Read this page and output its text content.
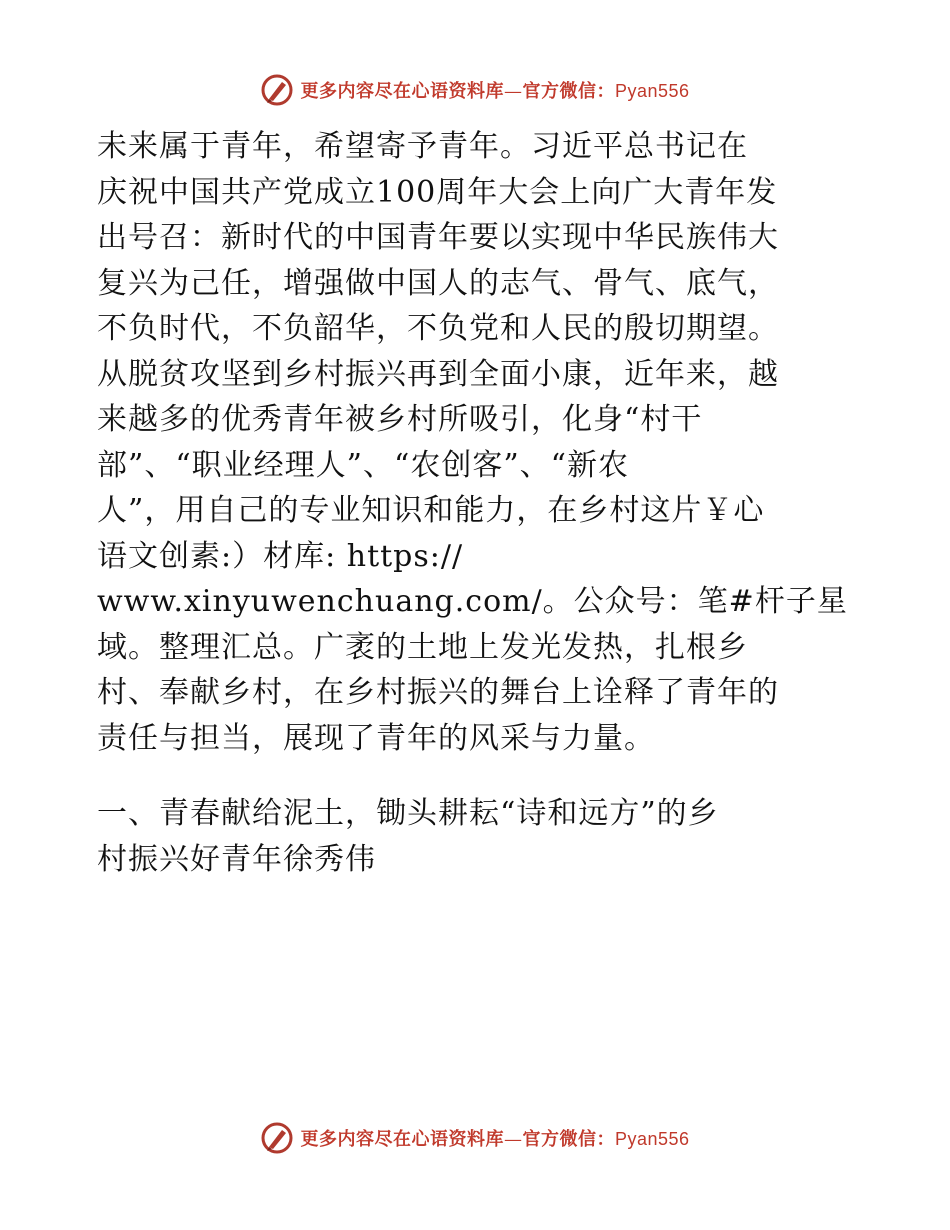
更多内容尽在心语资料库—官方微信：Pyan556

未来属于青年，希望寄予青年。习近平总书记在
庆祝中国共产党成立100周年大会上向广大青年发
出号召：新时代的中国青年要以实现中华民族伟大
复兴为己任，增强做中国人的志气、骨气、底气，
不负时代，不负韶华，不负党和人民的殷切期望。
从脱贫攻坚到乡村振兴再到全面小康，近年来，越
来越多的优秀青年被乡村所吸引，化身“村干
部”、“职业经理人”、“农创客”、“新农
人”，用自己的专业知识和能力，在乡村这片￥心
语文创素:）材库: https://
www.xinyuwenchuang.com/。公众号：笔#杆子星
域。整理汇总。广袤的土地上发光发热，扎根乡
村、奉献乡村，在乡村振兴的舞台上诠释了青年的
责任与担当，展现了青年的风采与力量。

一、青春献给泥土，锄头耕耘“诗和远方”的乡
村振兴好青年徐秀伟

更多内容尽在心语资料库—官方微信：Pyan556
